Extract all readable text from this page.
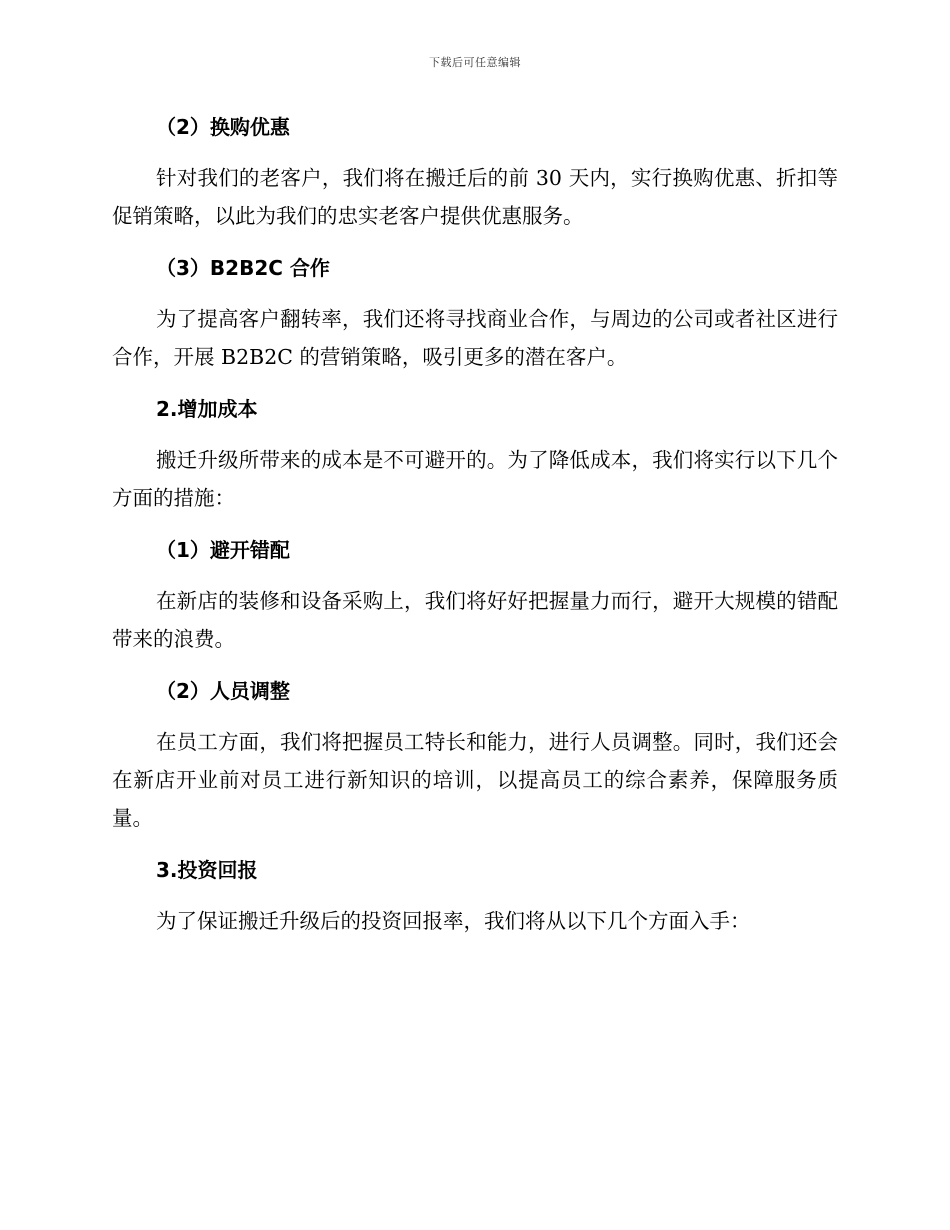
下载后可任意编辑
（2）换购优惠

针对我们的老客户，我们将在搬迁后的前 30 天内，实行换购优惠、折扣等促销策略，以此为我们的忠实老客户提供优惠服务。

（3）B2B2C 合作

为了提高客户翻转率，我们还将寻找商业合作，与周边的公司或者社区进行合作，开展 B2B2C 的营销策略，吸引更多的潜在客户。

2.增加成本

搬迁升级所带来的成本是不可避开的。为了降低成本，我们将实行以下几个方面的措施：

（1）避开错配

在新店的装修和设备采购上，我们将好好把握量力而行，避开大规模的错配带来的浪费。

（2）人员调整

在员工方面，我们将把握员工特长和能力，进行人员调整。同时，我们还会在新店开业前对员工进行新知识的培训，以提高员工的综合素养，保障服务质量。

3.投资回报

为了保证搬迁升级后的投资回报率，我们将从以下几个方面入手：
